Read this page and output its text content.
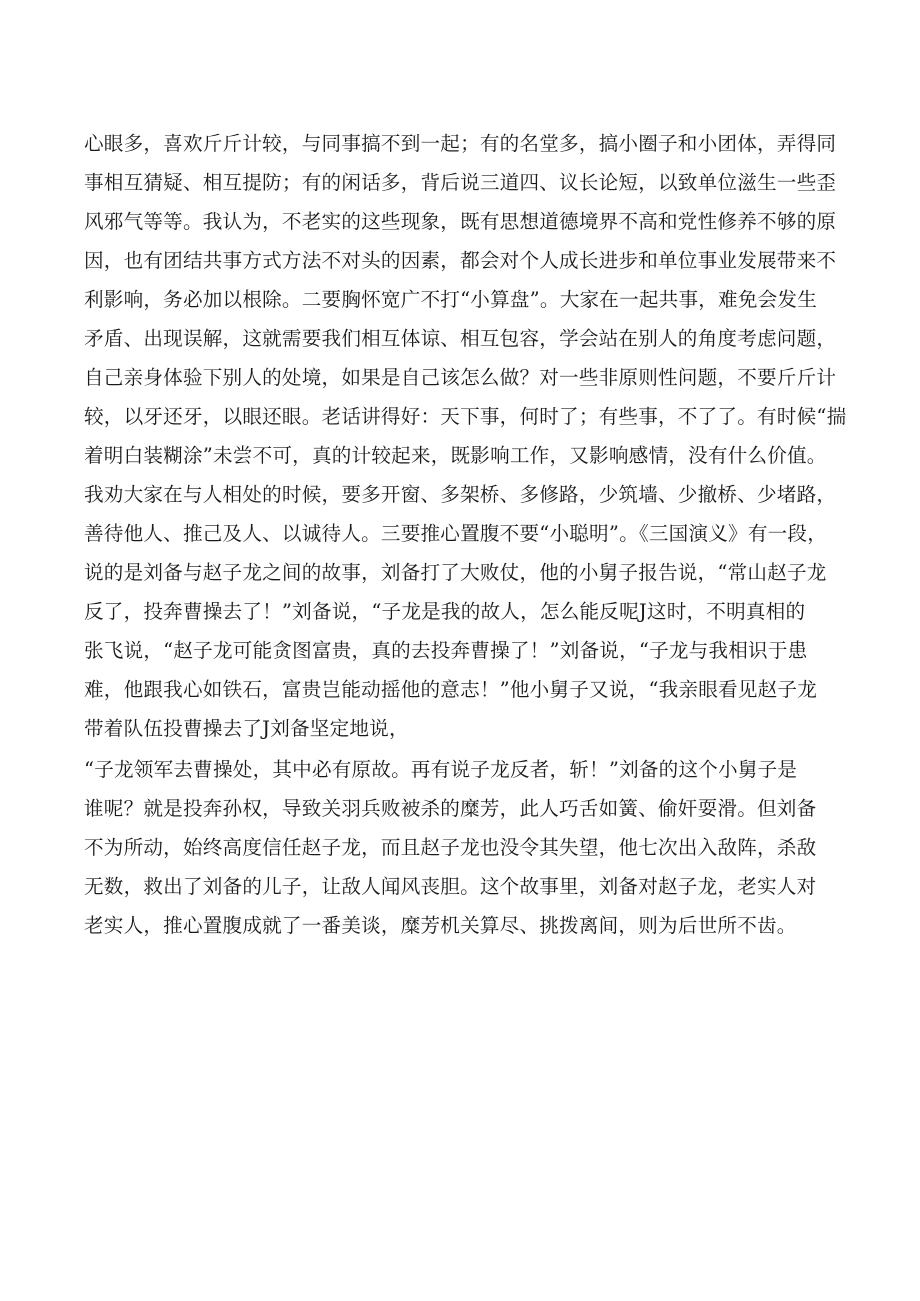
心眼多，喜欢斤斤计较，与同事搞不到一起；有的名堂多，搞小圈子和小团体，弄得同
事相互猜疑、相互提防；有的闲话多，背后说三道四、议长论短，以致单位滋生一些歪
风邪气等等。我认为，不老实的这些现象，既有思想道德境界不高和党性修养不够的原
因，也有团结共事方式方法不对头的因素，都会对个人成长进步和单位事业发展带来不
利影响，务必加以根除。二要胸怀宽广不打“小算盘”。大家在一起共事，难免会发生
矛盾、出现误解，这就需要我们相互体谅、相互包容，学会站在别人的角度考虑问题，
自己亲身体验下别人的处境，如果是自己该怎么做？对一些非原则性问题，不要斤斤计
较，以牙还牙，以眼还眼。老话讲得好：天下事，何时了；有些事，不了了。有时候“揣
着明白装糊涂”未尝不可，真的计较起来，既影响工作，又影响感情，没有什么价值。
我劝大家在与人相处的时候，要多开窗、多架桥、多修路，少筑墙、少撤桥、少堵路，
善待他人、推己及人、以诚待人。三要推心置腹不要“小聪明”。《三国演义》有一段，
说的是刘备与赵子龙之间的故事，刘备打了大败仗，他的小舅子报告说，“常山赵子龙
反了，投奔曹操去了！”刘备说，“子龙是我的故人，怎么能反呢J这时，不明真相的
张飞说，“赵子龙可能贪图富贵，真的去投奔曹操了！”刘备说，“子龙与我相识于患
难，他跟我心如铁石，富贵岂能动摇他的意志！”他小舅子又说，“我亲眼看见赵子龙
带着队伍投曹操去了J刘备坚定地说，
“子龙领军去曹操处，其中必有原故。再有说子龙反者，斩！”刘备的这个小舅子是
谁呢？就是投奔孙权，导致关羽兵败被杀的糜芳，此人巧舌如簧、偷奸耍滑。但刘备
不为所动，始终高度信任赵子龙，而且赵子龙也没令其失望，他七次出入敌阵，杀敌
无数，救出了刘备的儿子，让敌人闻风丧胆。这个故事里，刘备对赵子龙，老实人对
老实人，推心置腹成就了一番美谈，糜芳机关算尽、挑拨离间，则为后世所不齿。
